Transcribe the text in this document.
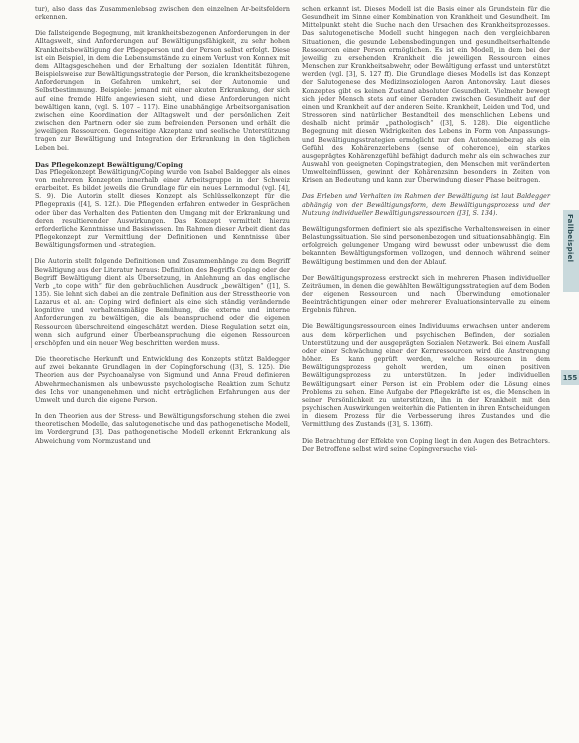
tur), also dass das Zusammenlebsag zwischen den einzelnen Ar-beitsfeldern erkennen.

Die fallsteigende Begegnung, mit krankheitsbezogenen Anforderungen in der Alltagswelt, sind Anforderungen auf Bewältigungsfähigkeit, zu sehr hohen Krankheitsbewältigung der Pflegeperson und der Person selbst erfolgt. Diese ist ein Beispiel, in dem die Lebensumstände zu einem Verlust von Konnex mit dem Alltagsgeschehen und der Erhaltung der sozialen Identität führen, Beispielsweise zur Bewältigungsstrategie der Person, die krankheitsbezogene Anforderungen in Gefahren umkehrt, sei der Autonomie und Selbstbestimmung. Beispiele: jemand mit einer akuten Erkrankung, der sich auf eine fremde Hilfe angewiesen sieht, und diese Anforderungen nicht bewältigen kann, (vgl. S. 107 – 117). Eine unabhängige Arbeitsorganisation zwischen eine Koordination der Alltagswelt und der persönlichen Zeit zwischen den Partnern oder sie zum befreienden Personen und erhält die jeweiligen Ressourcen. Gegenseitige Akzeptanz und seelische Unterstützung tragen zur Bewältigung und Integration der Erkrankung in den täglichen Leben bei.

Das Pflegekonzept Bewältigung/Coping

Das Pflegekonzept Bewältigung/Coping wurde von Isabel Baldegger als eines von mehreren Konzepten innerhalb einer Arbeitsgruppe in der Schweiz erarbeitet. Es bildet jeweils die Grundlage für ein neues Lernmodul (vgl. [4], S. 9). Die Autorin stellt dieses Konzept als Schlüsselkonzept für die Pflegepraxis ([4], S. 12f.). Die Pflegenden erfahren entweder in Gesprächen oder über das Verhalten des Patienten den Umgang mit der Erkrankung und deren resultierender Auswirkungen. Das Konzept vermittelt hierzu erforderliche Kenntnisse und Basiswissen. Im Rahmen dieser Arbeit dient das Pflegekonzept zur Vermittlung der Definitionen und Kenntnisse über Bewältigungsformen und -strategien.

Die Autorin stellt folgende Definitionen und Zusammenhänge zu dem Begriff Bewältigung aus der Literatur heraus: Definition des Begriffs Coping oder der Begriff Bewältigung dient als Übersetzung, in Anlehnung an das englische Verb „to cope with“ für den gebräuchlichen Ausdruck „bewältigen“ ([1], S. 135). Sie lehnt sich dabei an die zentrale Definition aus der Stresstheorie von Lazarus et al. an: Coping wird definiert als eine sich ständig verändernde kognitive und verhaltensmäßige Bemühung, die externe und interne Anforderungen zu bewältigen, die als beanspruchend oder die eigenen Ressourcen überschreitend eingeschätzt werden. Diese Regulation setzt ein, wenn sich aufgrund einer Überbeanspruchung die eigenen Ressourcen erschöpfen und ein neuer Weg beschritten werden muss.

Die theoretische Herkunft und Entwicklung des Konzepts stützt Baldegger auf zwei bekannte Grundlagen in der Copingforschung ([3], S. 125). Die Theorien aus der Psychoanalyse von Sigmund und Anna Freud definieren Abwehrmechanismen als unbewusste psychologische Reaktion zum Schutz des Ichs vor unangenehmen und nicht erträglichen Erfahrungen aus der Umwelt und durch die eigene Person.

In den Theorien aus der Stress- und Bewältigungsforschung stehen die zwei theoretischen Modelle, das salutogenetische und das pathogenetische Modell, im Vordergrund [3]. Das pathogenetische Modell erkennt Erkrankung als Abweichung vom Normzustand und

schen erkannt ist. Dieses Modell ist die Basis einer als Grundstein für die Gesundheit im Sinne einer Kombination von Krankheit und Gesundheit. Im Mittelpunkt steht die Suche nach den Ursachen des Krankheitsprozesses. Das salutogenetische Modell sucht hingegen nach den vergleichbaren Situationen, die gesunde Lebensbedingungen und gesundheitserhaltende Ressourcen einer Person ermöglichen. Es ist ein Modell, in dem bei der jeweilig zu ersehenden Krankheit die jeweiligen Ressourcen eines Menschen zur Krankheitsabwehr, oder Bewältigung erfasst und unterstützt werden (vgl. [3], S. 127 ff). Die Grundlage dieses Modells ist das Konzept der Salutogenese des Medizinsoziologen Aaron Antonovsky. Laut dieses Konzeptes gibt es keinen Zustand absoluter Gesundheit. Vielmehr bewegt sich jeder Mensch stets auf einer Geraden zwischen Gesundheit auf der einen und Krankheit auf der anderen Seite. Krankheit, Leiden und Tod, und Stressoren sind natürlicher Bestandteil des menschlichen Lebens und deshalb nicht primär „pathologisch“ ([3], S. 128). Die eigentliche Begegnung mit diesen Widrigkeiten des Lebens in Form von Anpassungs- und Bewältigungsstrategien ermöglicht nur den Autonomiebezug als ein Gefühl des Kohärenzerlebens (sense of coherence), ein starkes ausgeprägtes Kohärenzgefühl befähigt dadurch mehr als ein schwaches zur Auswahl von geeigneten Copingstrategien, den Menschen mit veränderten Umwelteinflüssen, gewinnt der Kohärenzsinn besonders in Zeiten von Krisen an Bedeutung und kann zur Überwindung dieser Phase beitragen.

Das Erleben und Verhalten im Rahmen der Bewältigung ist laut Baldegger abhängig von der Bewältigungsform, dem Bewältigungsprozess und der Nutzung individueller Bewältigungsressourcen ([3], S. 134).

Bewältigungsformen definiert sie als spezifische Verhaltensweisen in einer Belastungssituation. Sie sind personenbezogen und situationsabhängig. Ein erfolgreich gelungener Umgang wird bewusst oder unbewusst die dem bekannten Bewältigungsformen vollzogen, und dennoch während seiner Bewältigung bestimmen und den der Ablauf.

Der Bewältigungsprozess erstreckt sich in mehreren Phasen individueller Zeiträumen, in denen die gewählten Bewältigungsstrategien auf dem Boden der eigenen Ressourcen und nach Überwindung emotionaler Beeinträchtigungen einer oder mehrerer Evaluationsintervalle zu einem Ergebnis führen.

Die Bewältigungsressourcen eines Individuums erwachsen unter anderem aus dem körperlichen und psychischen Befinden, der sozialen Unterstützung und der ausgeprägten Sozialen Netzwerk. Bei einem Ausfall oder einer Schwächung einer der Kernressourcen wird die Anstrengung höher. Es kann geprüft werden, welche Ressourcen in dem Bewältigungsprozess geholt werden, um einen positiven Bewältigungsprozess zu unterstützen. In jeder individuellen Bewältigungsart einer Person ist ein Problem oder die Lösung eines Problems zu sehen. Eine Aufgabe der Pflegekräfte ist es, die Menschen in seiner Persönlichkeit zu unterstützen, ihn in der Krankheit mit den psychischen Auswirkungen weiterhin die Patienten in ihren Entscheidungen in diesem Prozess für die Verbesserung ihres Zustandes und die Vermittlung des Zustands ([3], S. 136ff).

Die Betrachtung der Effekte von Coping liegt in den Augen des Betrachters. Der Betroffene selbst wird seine Copingversuche viel-

Fallbeispiel
155
